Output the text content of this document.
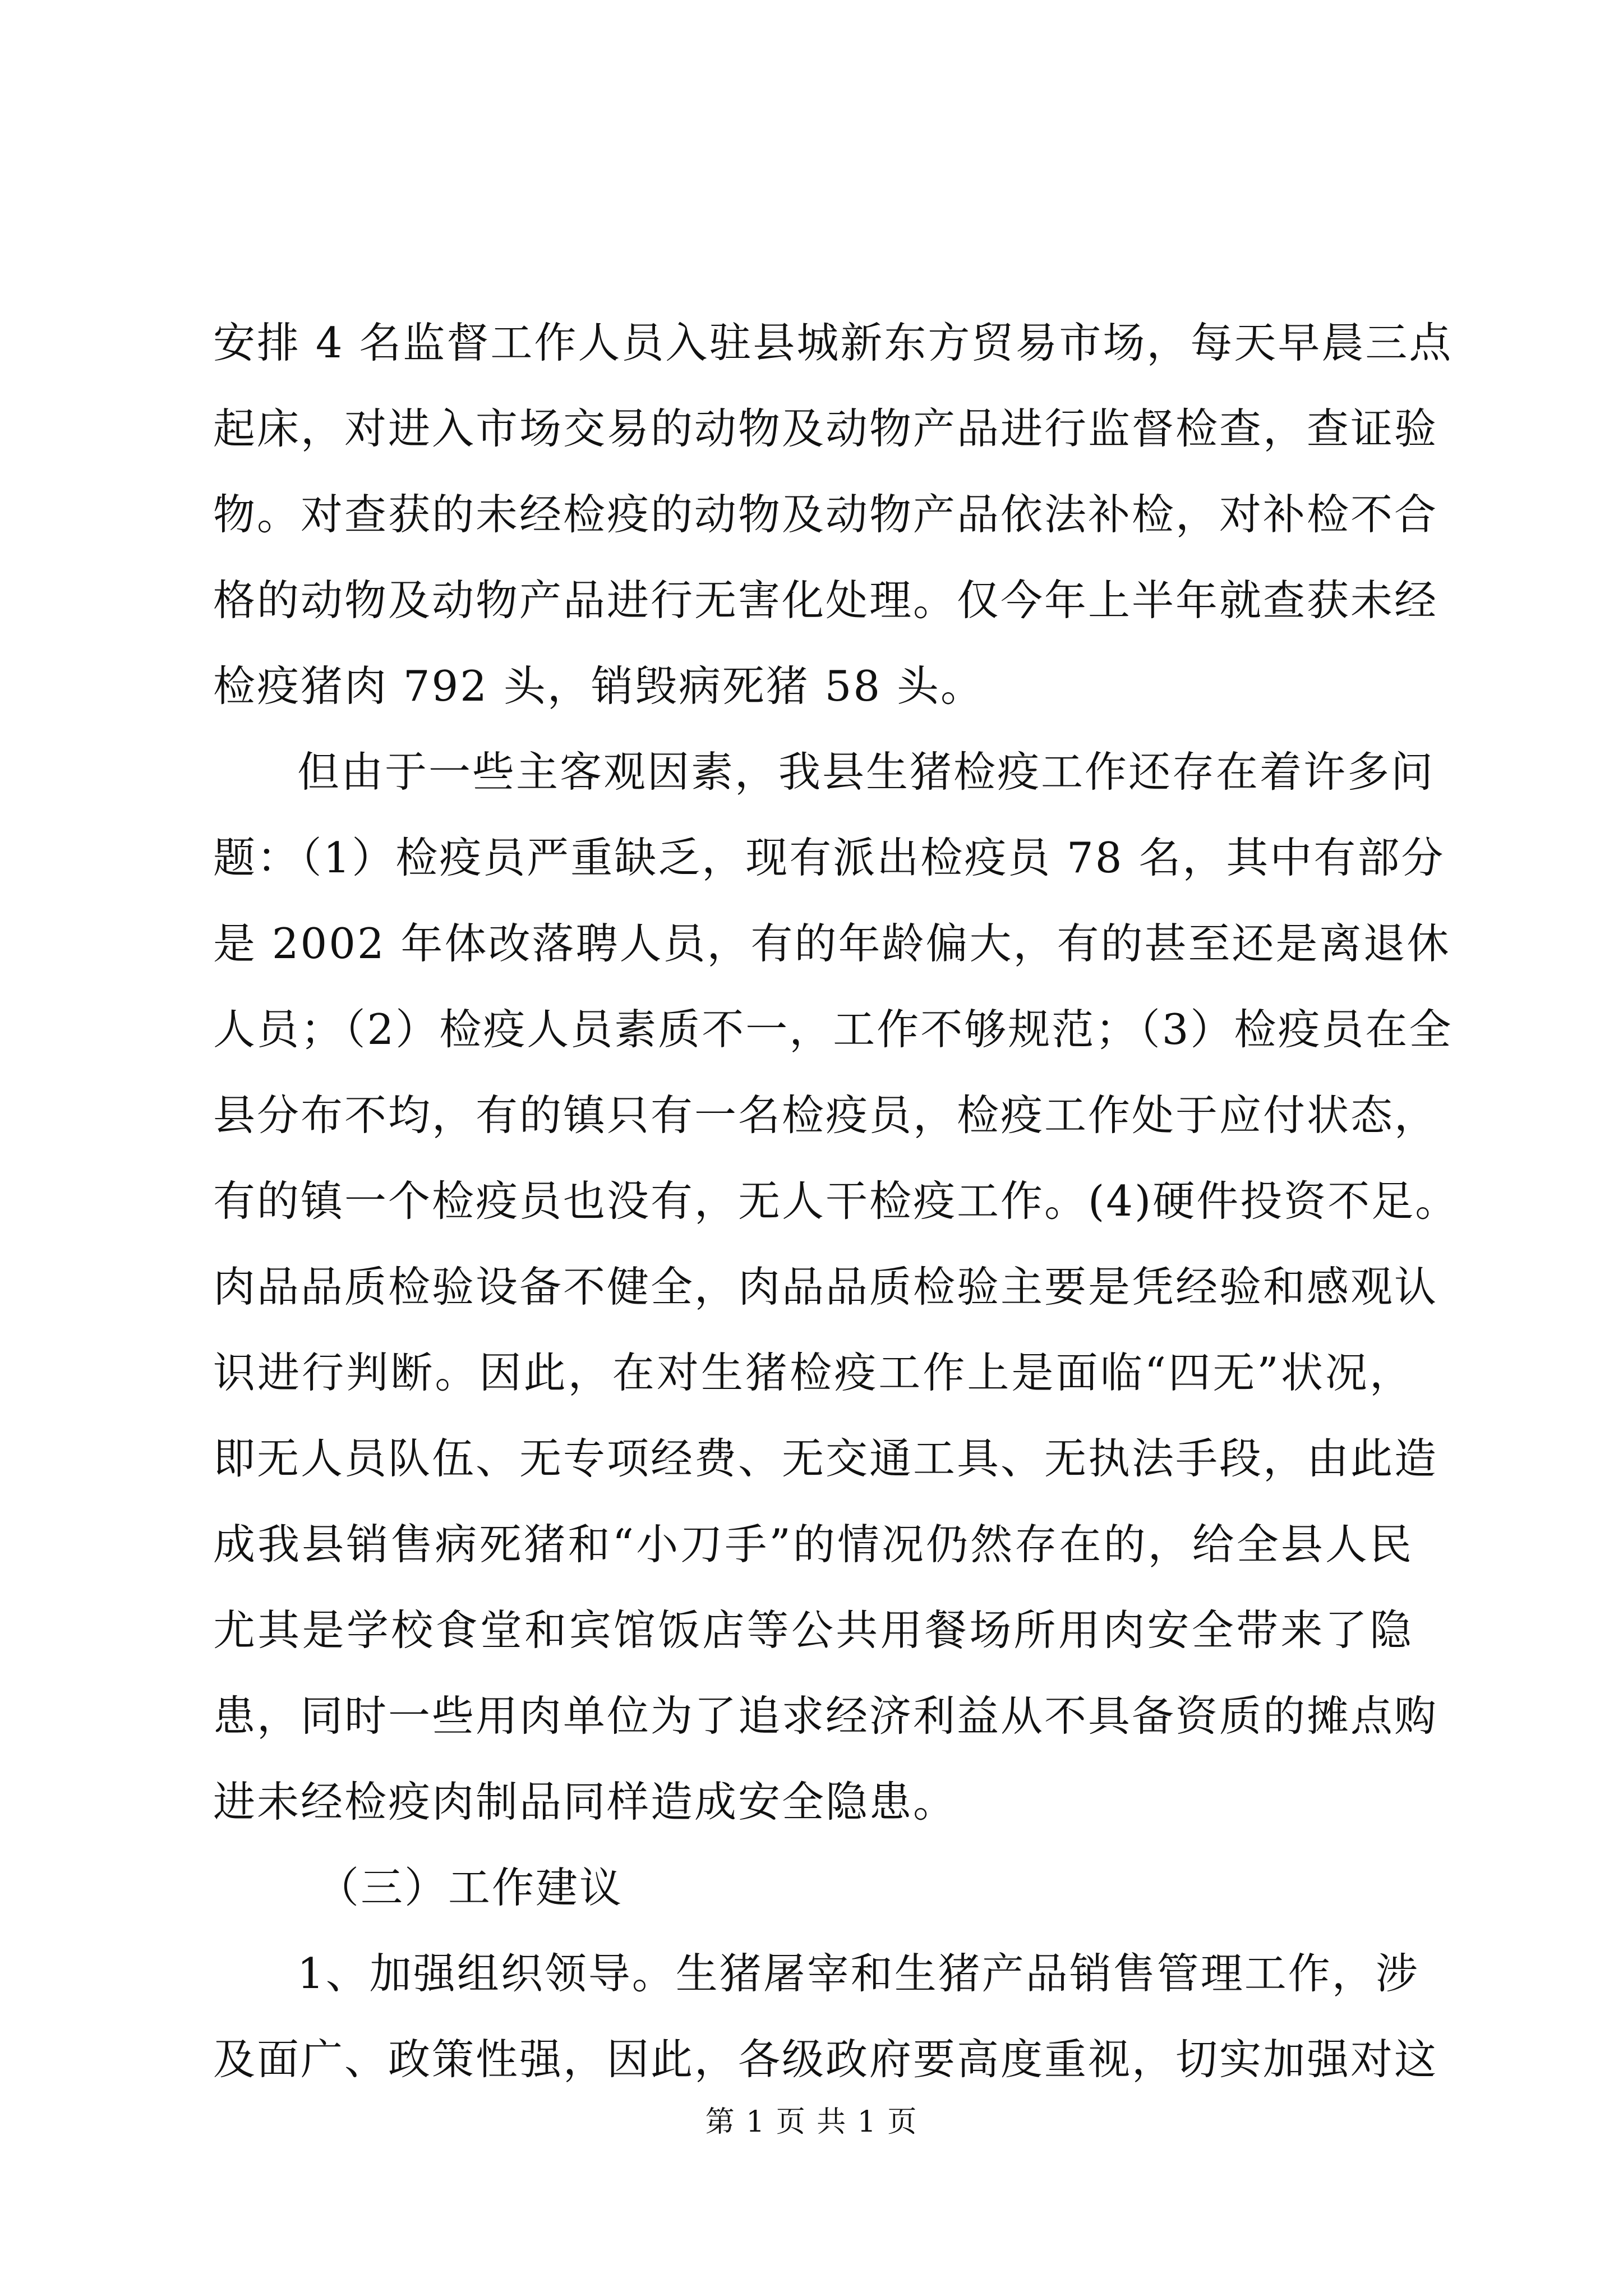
安排 4 名监督工作人员入驻县城新东方贸易市场，每天早晨三点
起床，对进入市场交易的动物及动物产品进行监督检查，查证验
物。对查获的未经检疫的动物及动物产品依法补检，对补检不合
格的动物及动物产品进行无害化处理。仅今年上半年就查获未经
检疫猪肉 792 头，销毁病死猪 58 头。
但由于一些主客观因素，我县生猪检疫工作还存在着许多问
题：（1）检疫员严重缺乏，现有派出检疫员 78 名，其中有部分
是 2002 年体改落聘人员，有的年龄偏大，有的甚至还是离退休
人员；（2）检疫人员素质不一，工作不够规范；（3）检疫员在全
县分布不均，有的镇只有一名检疫员，检疫工作处于应付状态，
有的镇一个检疫员也没有，无人干检疫工作。(4)硬件投资不足。
肉品品质检验设备不健全，肉品品质检验主要是凭经验和感观认
识进行判断。因此，在对生猪检疫工作上是面临“四无”状况，
即无人员队伍、无专项经费、无交通工具、无执法手段，由此造
成我县销售病死猪和“小刀手”的情况仍然存在的，给全县人民
尤其是学校食堂和宾馆饭店等公共用餐场所用肉安全带来了隐
患，同时一些用肉单位为了追求经济利益从不具备资质的摊点购
进未经检疫肉制品同样造成安全隐患。
（三）工作建议
1、加强组织领导。生猪屠宰和生猪产品销售管理工作，涉
及面广、政策性强，因此，各级政府要高度重视，切实加强对这
第 1 页 共 1 页
